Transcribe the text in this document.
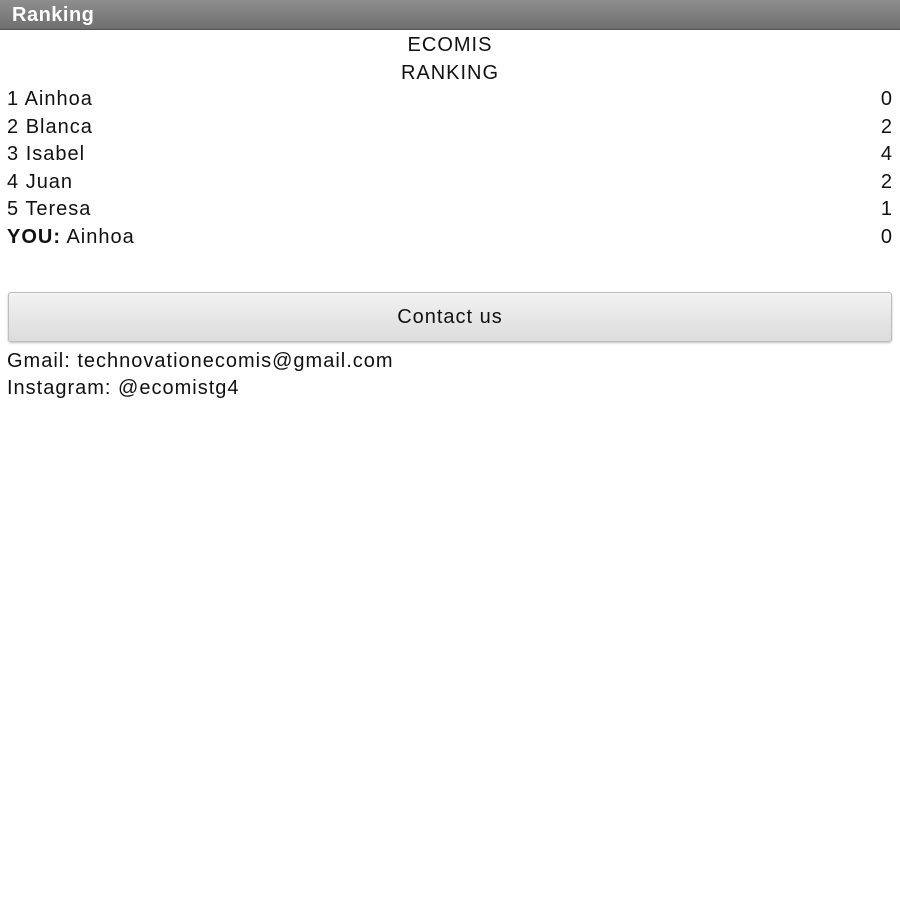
Ranking
ECOMIS
RANKING
1 Ainhoa	0
2 Blanca	2
3 Isabel	4
4 Juan	2
5 Teresa	1
YOU: Ainhoa	0
Contact us
Gmail: technovationecomis@gmail.com
Instagram: @ecomistg4
